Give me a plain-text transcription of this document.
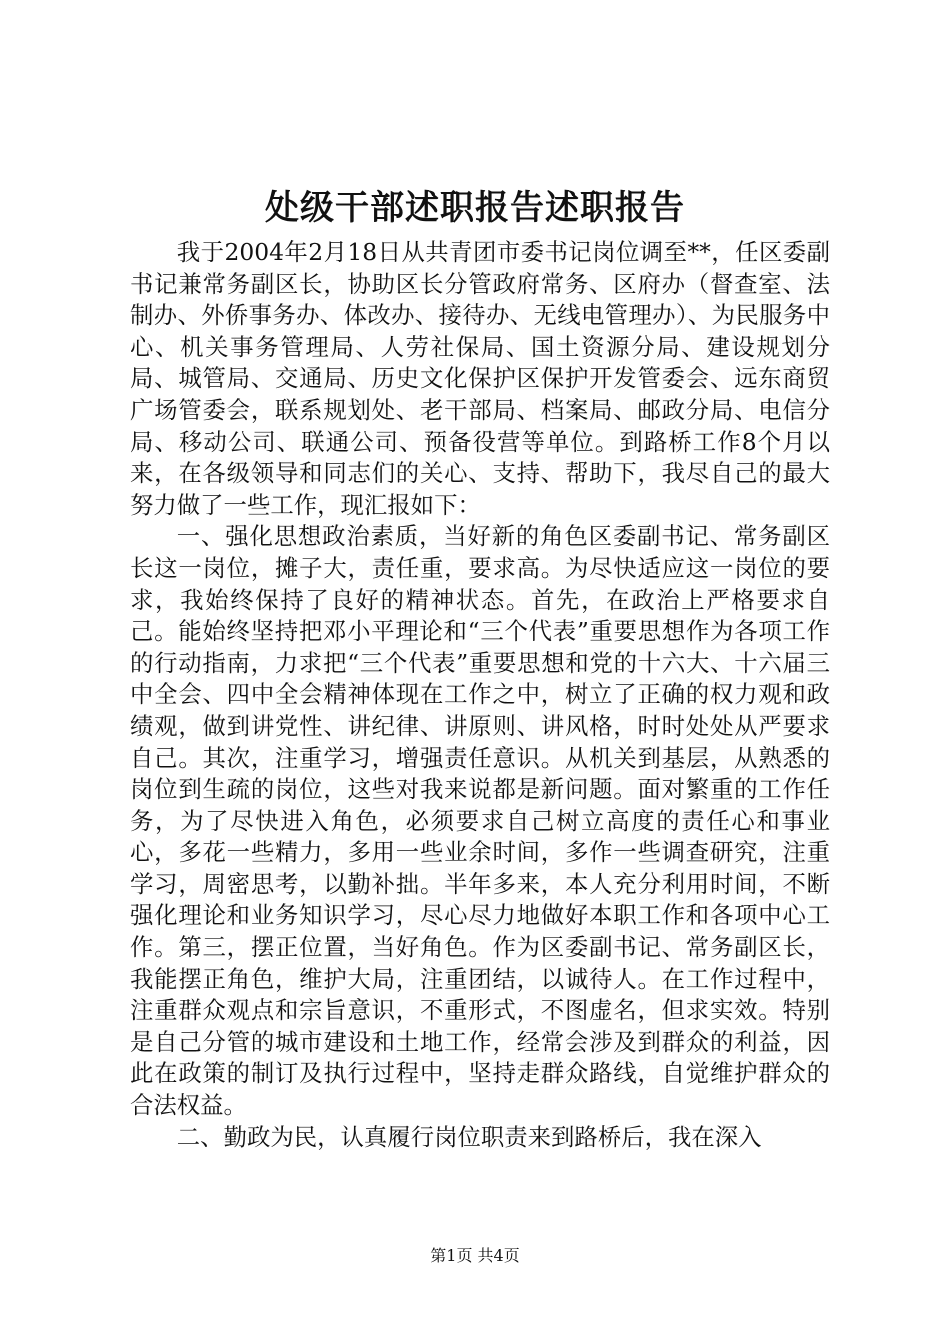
处级干部述职报告述职报告

我于2004年2月18日从共青团市委书记岗位调至**，任区委副书记兼常务副区长，协助区长分管政府常务、区府办（督查室、法制办、外侨事务办、体改办、接待办、无线电管理办）、为民服务中心、机关事务管理局、人劳社保局、国土资源分局、建设规划分局、城管局、交通局、历史文化保护区保护开发管委会、远东商贸广场管委会，联系规划处、老干部局、档案局、邮政分局、电信分局、移动公司、联通公司、预备役营等单位。到路桥工作8个月以来，在各级领导和同志们的关心、支持、帮助下，我尽自己的最大努力做了一些工作，现汇报如下：

一、强化思想政治素质，当好新的角色区委副书记、常务副区长这一岗位，摊子大，责任重，要求高。为尽快适应这一岗位的要求，我始终保持了良好的精神状态。首先，在政治上严格要求自己。能始终坚持把邓小平理论和“三个代表”重要思想作为各项工作的行动指南，力求把“三个代表”重要思想和党的十六大、十六届三中全会、四中全会精神体现在工作之中，树立了正确的权力观和政绩观，做到讲党性、讲纪律、讲原则、讲风格，时时处处从严要求自己。其次，注重学习，增强责任意识。从机关到基层，从熟悉的岗位到生疏的岗位，这些对我来说都是新问题。面对繁重的工作任务，为了尽快进入角色，必须要求自己树立高度的责任心和事业心，多花一些精力，多用一些业余时间，多作一些调查研究，注重学习，周密思考，以勤补拙。半年多来，本人充分利用时间，不断强化理论和业务知识学习，尽心尽力地做好本职工作和各项中心工作。第三，摆正位置，当好角色。作为区委副书记、常务副区长，我能摆正角色，维护大局，注重团结，以诚待人。在工作过程中，注重群众观点和宗旨意识，不重形式，不图虚名，但求实效。特别是自己分管的城市建设和土地工作，经常会涉及到群众的利益，因此在政策的制订及执行过程中，坚持走群众路线，自觉维护群众的合法权益。

二、勤政为民，认真履行岗位职责来到路桥后，我在深入

第1页 共4页
